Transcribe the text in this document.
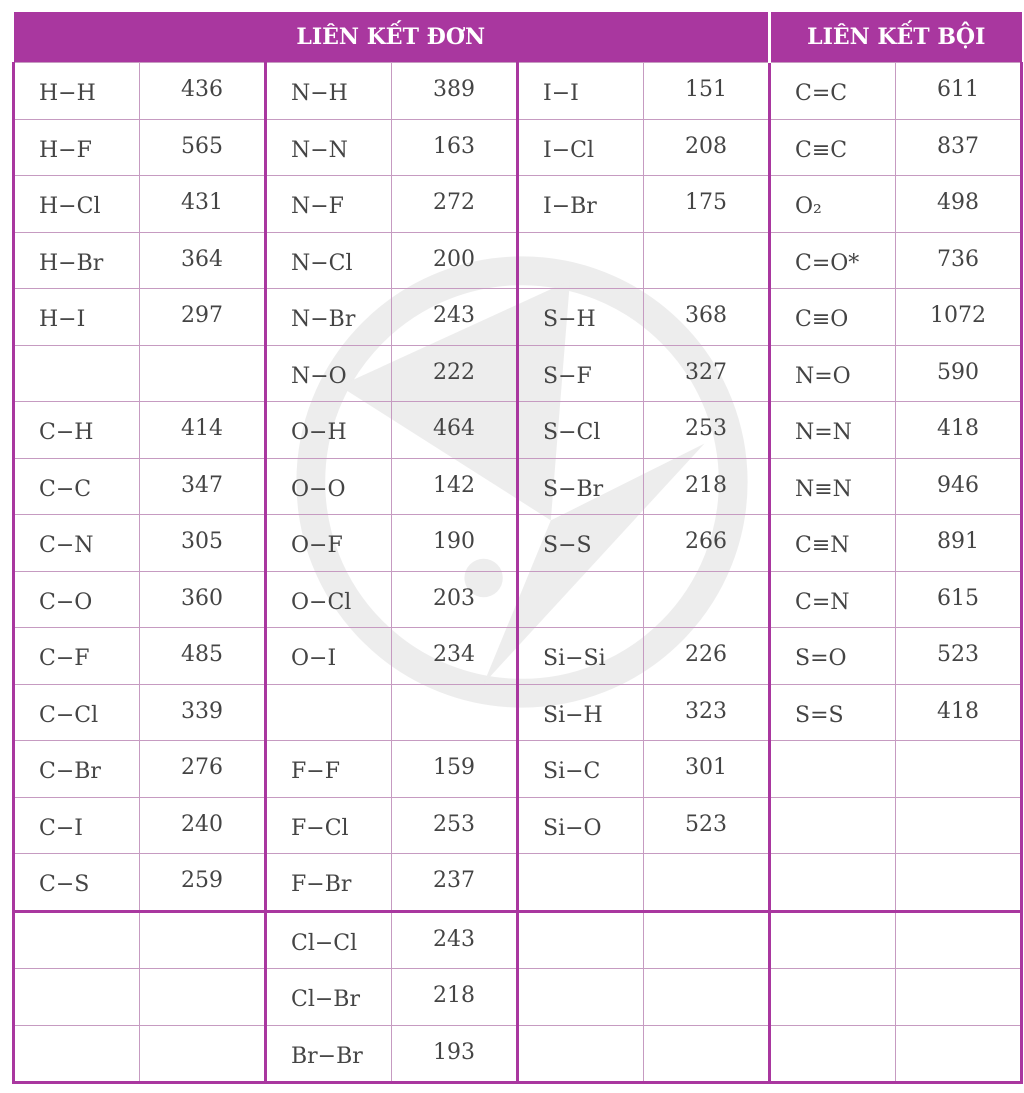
LIÊN KẾT ĐƠN						LIÊN KẾT BỘI	

H−H	436	N−H	389	I−I	151	C=C	611

H−F	565	N−N	163	I−Cl	208	C≡C	837

H−Cl	431	N−F	272	I−Br	175	O₂	498

H−Br	364	N−Cl	200			C=O*	736

H−I	297	N−Br	243	S−H	368	C≡O	1072

		N−O	222	S−F	327	N=O	590

C−H	414	O−H	464	S−Cl	253	N=N	418

C−C	347	O−O	142	S−Br	218	N≡N	946

C−N	305	O−F	190	S−S	266	C≡N	891

C−O	360	O−Cl	203			C=N	615

C−F	485	O−I	234	Si−Si	226	S=O	523

C−Cl	339			Si−H	323	S=S	418

C−Br	276	F−F	159	Si−C	301		

C−I	240	F−Cl	253	Si−O	523		

C−S	259	F−Br	237				

		Cl−Cl	243				

		Cl−Br	218				

		Br−Br	193				
